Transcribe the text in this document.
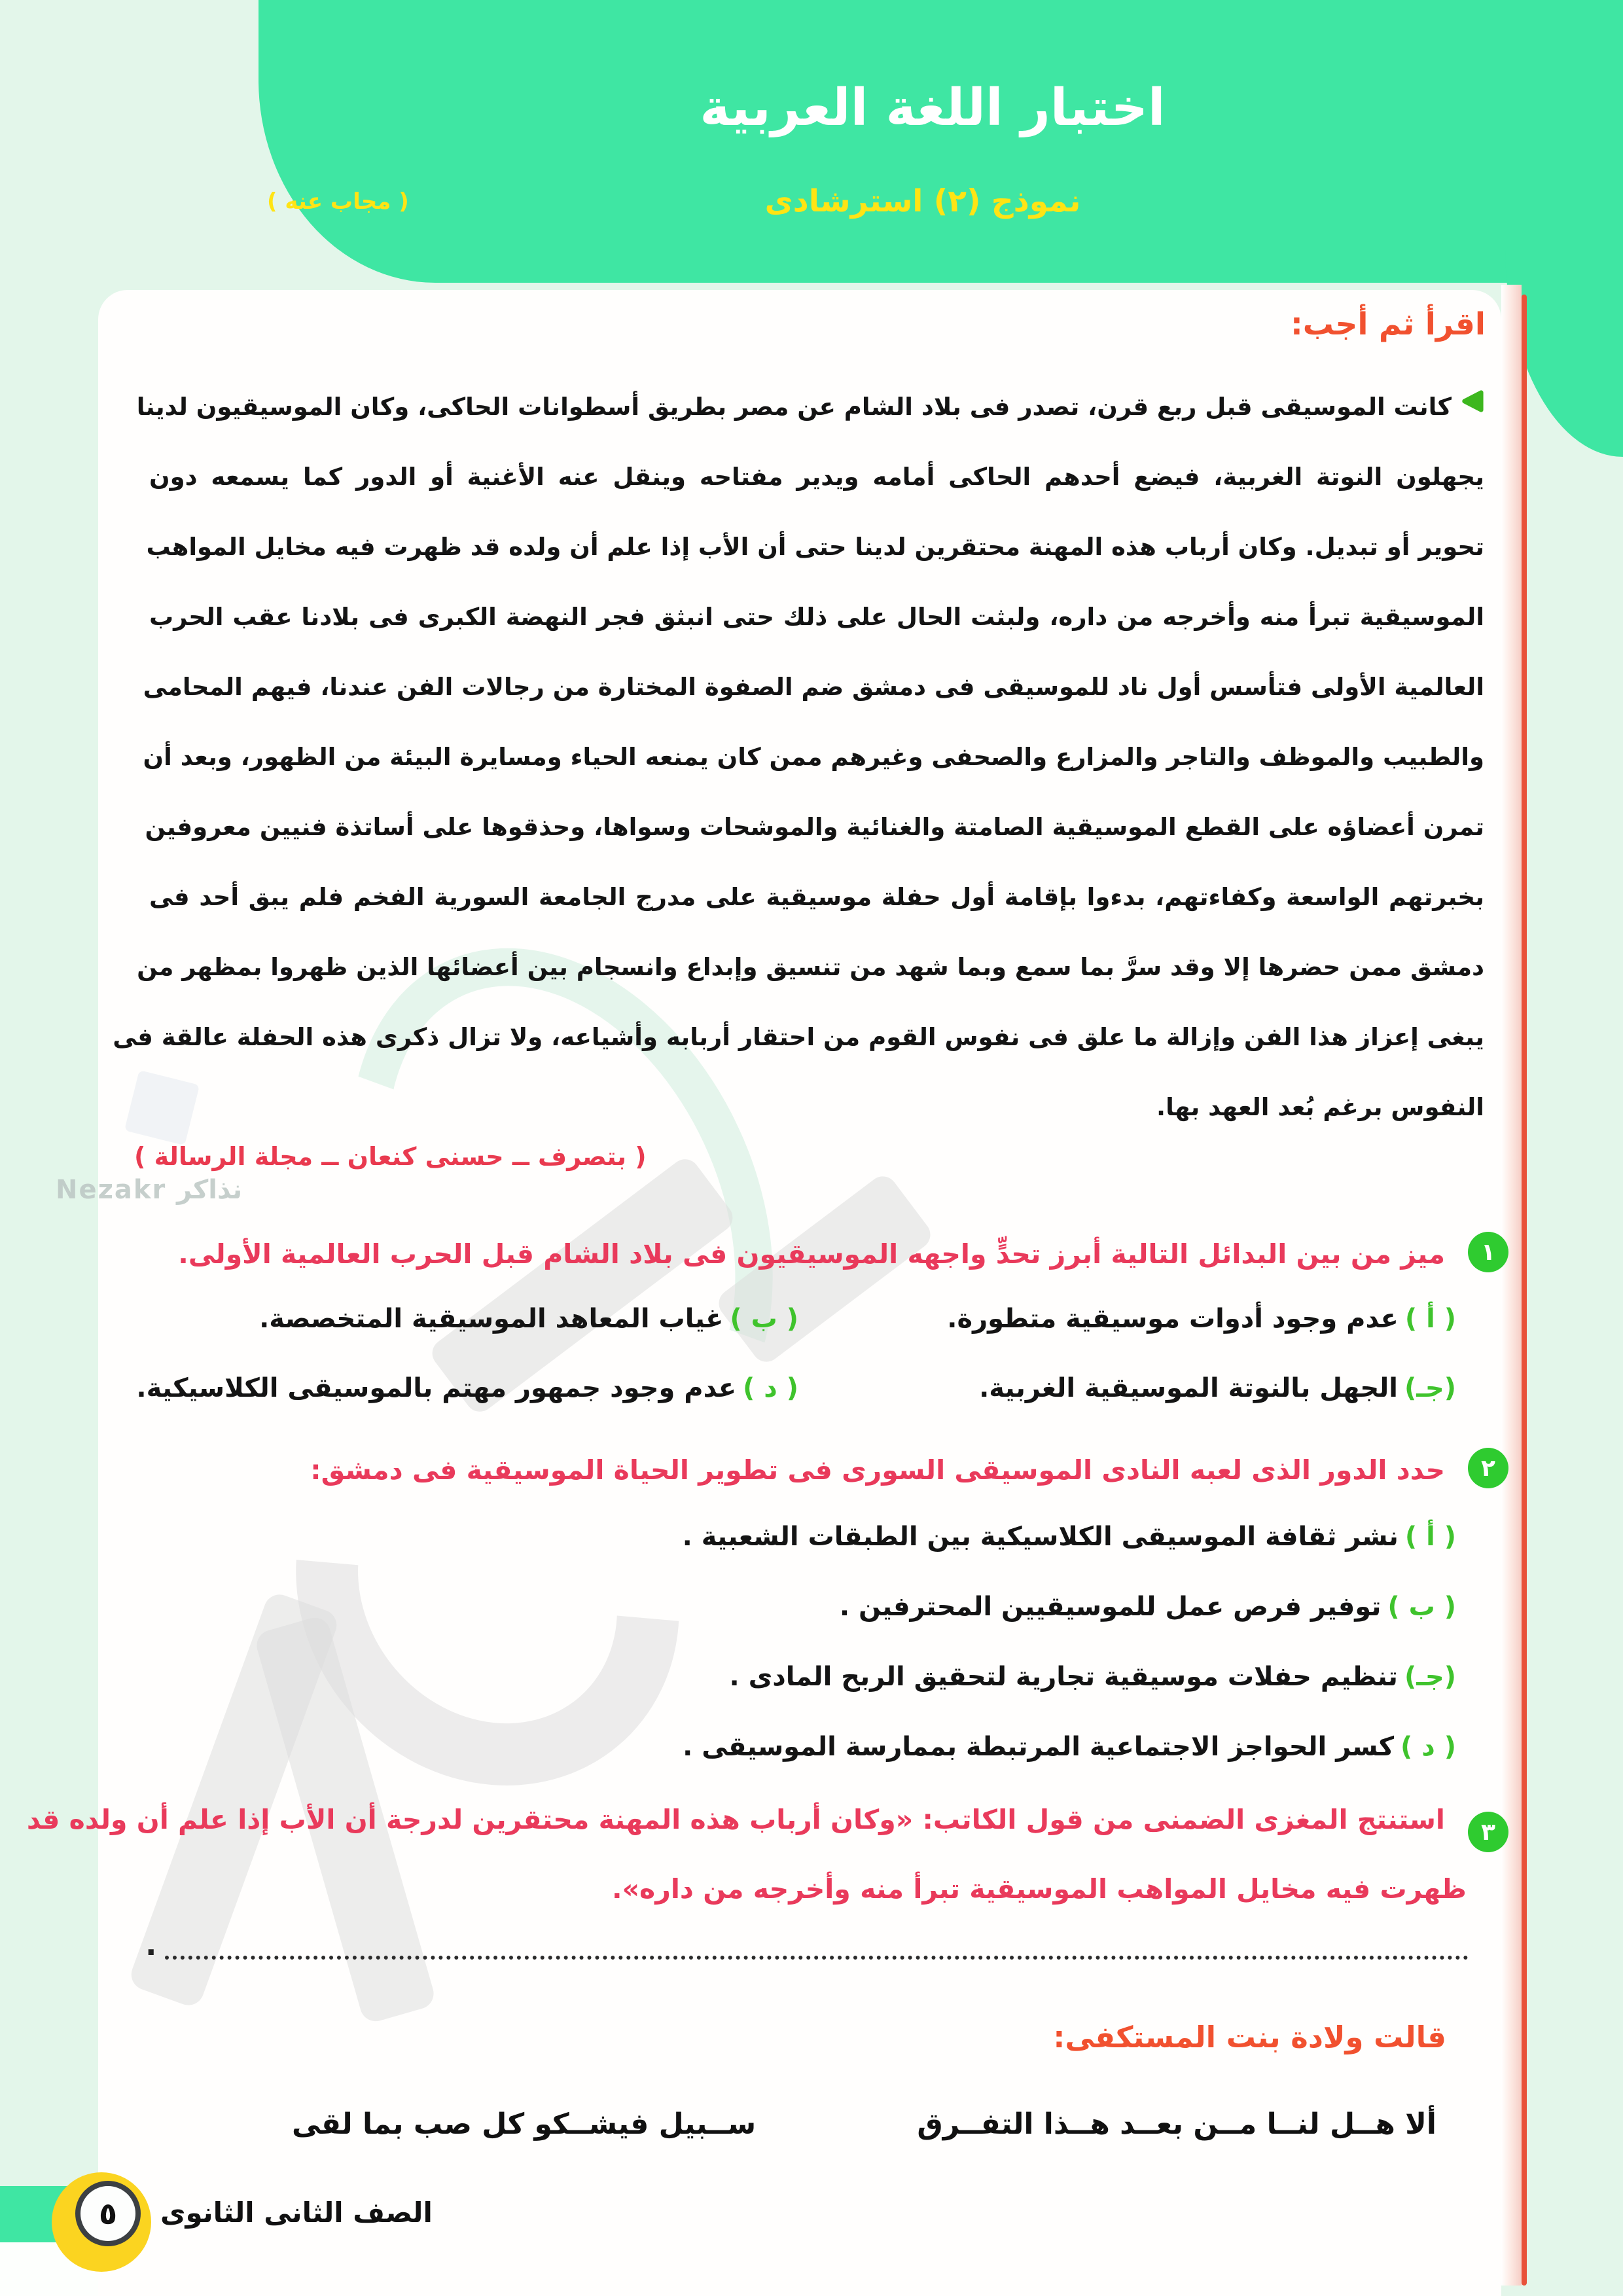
Nezakr نذاكر
اختبار اللغة العربية
نموذج (٢) استرشادى
( مجاب عنه )
اقرأ ثم أجب:
كانت الموسيقى قبل ربع قرن، تصدر فى بلاد الشام عن مصر بطريق أسطوانات الحاكى، وكان الموسيقيون لدينا
يجهلون النوتة الغربية، فيضع أحدهم الحاكى أمامه ويدير مفتاحه وينقل عنه الأغنية أو الدور كما يسمعه دون
تحوير أو تبديل. وكان أرباب هذه المهنة محتقرين لدينا حتى أن الأب إذا علم أن ولده قد ظهرت فيه مخايل المواهب
الموسيقية تبرأ منه وأخرجه من داره، ولبثت الحال على ذلك حتى انبثق فجر النهضة الكبرى فى بلادنا عقب الحرب
العالمية الأولى فتأسس أول ناد للموسيقى فى دمشق ضم الصفوة المختارة من رجالات الفن عندنا، فيهم المحامى
والطبيب والموظف والتاجر والمزارع والصحفى وغيرهم ممن كان يمنعه الحياء ومسايرة البيئة من الظهور، وبعد أن
تمرن أعضاؤه على القطع الموسيقية الصامتة والغنائية والموشحات وسواها، وحذقوها على أساتذة فنيين معروفين
بخبرتهم الواسعة وكفاءتهم، بدءوا بإقامة أول حفلة موسيقية على مدرج الجامعة السورية الفخم فلم يبق أحد فى
دمشق ممن حضرها إلا وقد سرَّ بما سمع وبما شهد من تنسيق وإبداع وانسجام بين أعضائها الذين ظهروا بمظهر من
يبغى إعزاز هذا الفن وإزالة ما علق فى نفوس القوم من احتقار أربابه وأشياعه، ولا تزال ذكرى هذه الحفلة عالقة فى
النفوس برغم بُعد العهد بها.
( بتصرف ــ حسنى كنعان ــ مجلة الرسالة )
١
ميز من بين البدائل التالية أبرز تحدٍّ واجهه الموسيقيون فى بلاد الشام قبل الحرب العالمية الأولى.
( أ )عدم وجود أدوات موسيقية متطورة.
( ب )غياب المعاهد الموسيقية المتخصصة.
(جـ)الجهل بالنوتة الموسيقية الغربية.
( د )عدم وجود جمهور مهتم بالموسيقى الكلاسيكية.
٢
حدد الدور الذى لعبه النادى الموسيقى السورى فى تطوير الحياة الموسيقية فى دمشق:
( أ )نشر ثقافة الموسيقى الكلاسيكية بين الطبقات الشعبية .
( ب )توفير فرص عمل للموسيقيين المحترفين .
(جـ)تنظيم حفلات موسيقية تجارية لتحقيق الربح المادى .
( د )كسر الحواجز الاجتماعية المرتبطة بممارسة الموسيقى .
٣
استنتج المغزى الضمنى من قول الكاتب: «وكان أرباب هذه المهنة محتقرين لدرجة أن الأب إذا علم أن ولده قد
ظهرت فيه مخايل المواهب الموسيقية تبرأ منه وأخرجه من داره».
.
قالت ولادة بنت المستكفى:
ألا هــل لنــا مــن بعــد هــذا التفــرق
ســبيل فيشــكو كل صب بما لقى
٥ الصف الثانى الثانوى
